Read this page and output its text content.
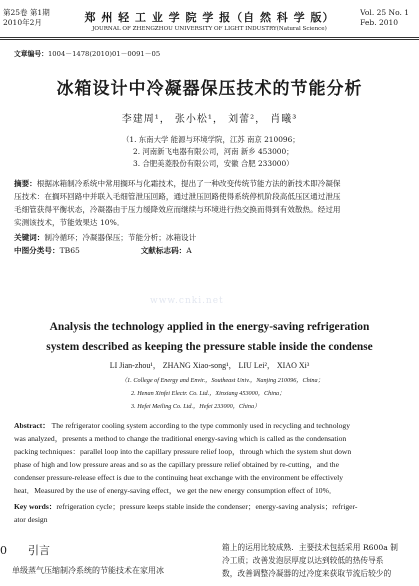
第25卷 第1期
2010年2月	郑 州 轻 工 业 学 院 学 报（自 然 科 学 版）
JOURNAL OF ZHENGZHOU UNIVERSITY OF LIGHT INDUSTRY(Natural Science)
Vol. 25 No. 1
Feb. 2010
文章编号：1004－1478(2010)01－0091－05
冰箱设计中冷凝器保压技术的节能分析
李建周¹， 张小松¹， 刘蕾²， 肖曦³
（1. 东南大学 能源与环境学院，江苏 南京 210096；
2. 河南新飞电器有限公司，河南 新乡 453000；
3. 合肥美菱股份有限公司，安徽 合肥 233000）
摘要：根据冰箱制冷系统中常用搁环与化霜技术，提出了一种改变传统节能方法的新技术即冷凝保
压技术：在搁环回路中并联入毛细管泄压回路，通过泄压回路使得系统停机阶段高低压区通过泄压
毛细管获得平衡状态，冷凝器由于压力缓降效应而继续与环境进行热交换而得到有效散热。经过用
实测该技术，节能效果达 10%．
关键词：制冷循环；冷凝器保压；节能分析；冰箱设计
中图分类号：TB65	文献标志码：A
www.cnki.net
Analysis the technology applied in the energy-saving refrigeration
system described as keeping the pressure stable inside the condense
LI Jian-zhou¹， ZHANG Xiao-song¹， LIU Lei²， XIAO Xi³
（1. College of Energy and Envir.，Southeast Univ.，Nanjing 210096，China；
2. Henan Xinfei Electr. Co. Ltd.，Xinxiang 453000，China；
3. Hefei Meiling Co. Ltd.，Hefei 233000，China）
Abstract： The refrigerator cooling system according to the type commonly used in recycling and technology
was analyzed，presents a method to change the traditional energy-saving which is called as the condensation
packing techniques：parallel loop into the capillary pressure relief loop，through which the system shut down
phase of high and low pressure areas and so as the capillary pressure relief obtained by re-cutting，and the
condenser pressure-release effect is due to the continuing heat exchange with the environment be effectively
heat．Measured by the use of energy-saving effect，we get the new energy consumption effect of 10%．
Key words：refrigeration cycle；pressure keeps stable inside the condenser；energy-saving analysis；refriger-
ator design
0 引言
单级蒸气压缩制冷系统的节能技术在家用冰
箱上的运用比较成熟．主要技术包括采用 R600a 制
冷工质；改善发泡层厚度以达到较低的热传导系
数，改善调整冷凝器的过冷度来获取节流后较少的
